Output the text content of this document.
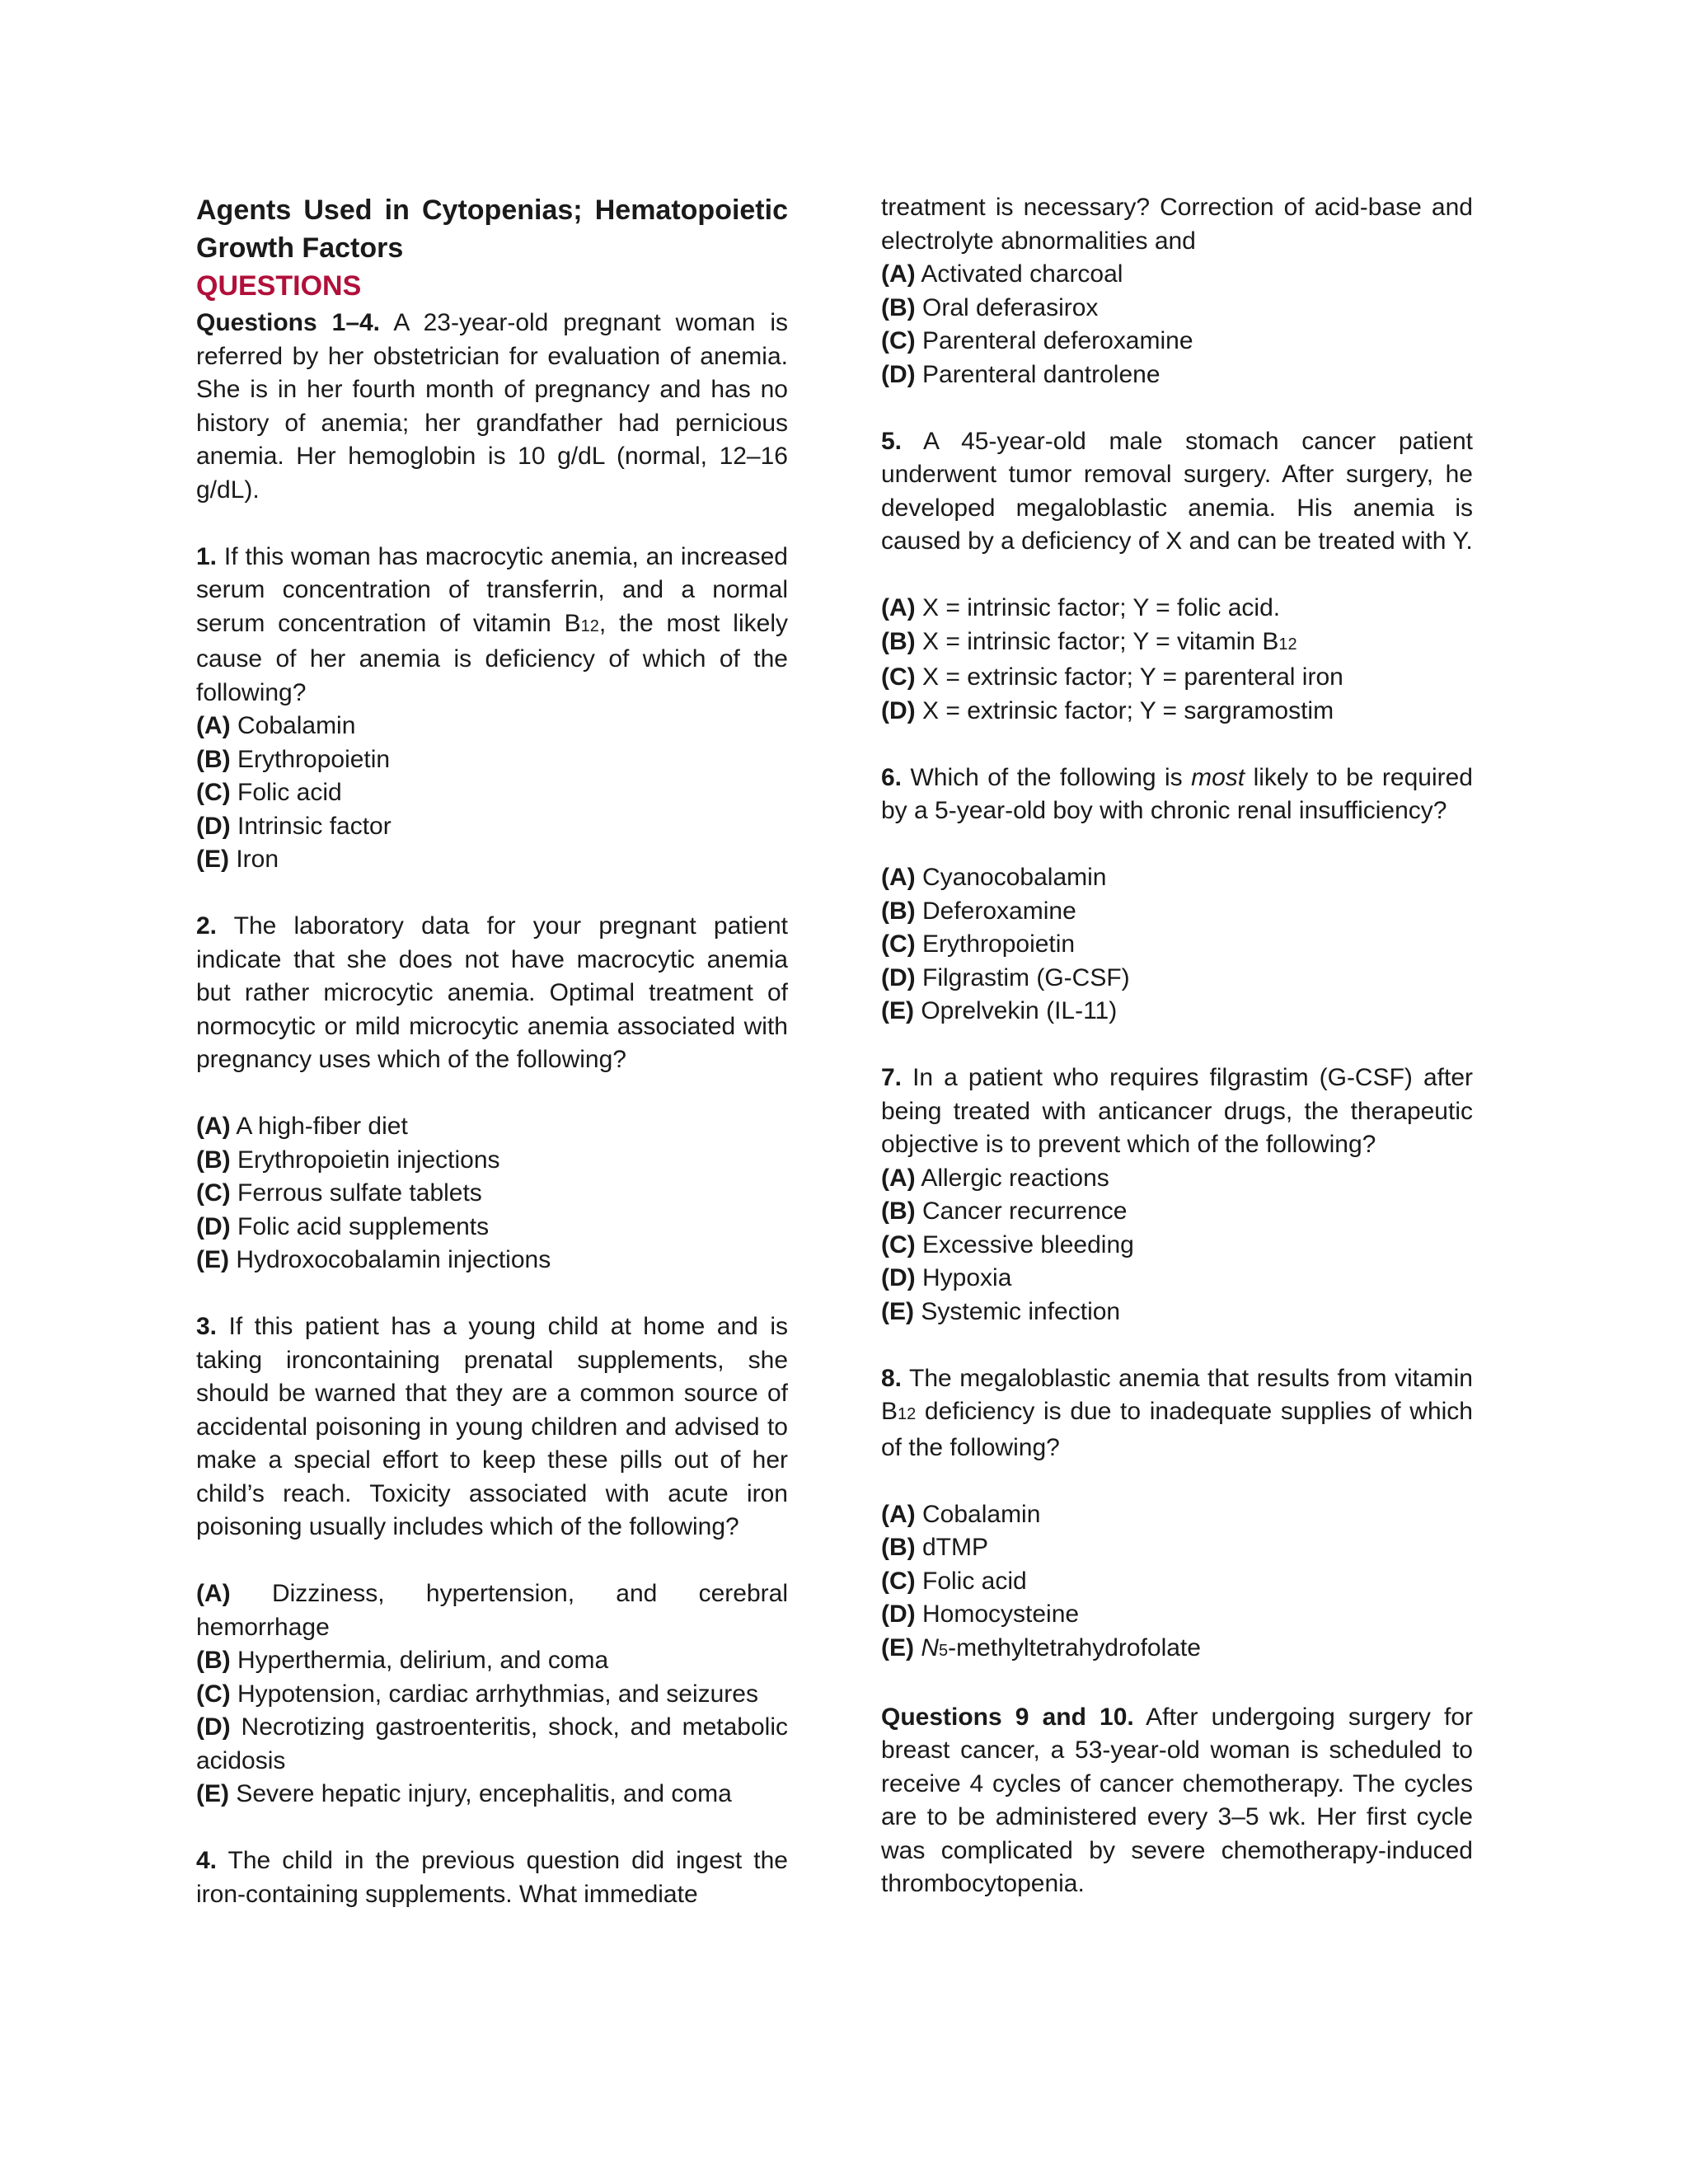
Agents Used in Cytopenias; Hematopoietic Growth Factors
QUESTIONS
Questions 1–4. A 23-year-old pregnant woman is referred by her obstetrician for evaluation of anemia. She is in her fourth month of pregnancy and has no history of anemia; her grandfather had pernicious anemia. Her hemoglobin is 10 g/dL (normal, 12–16 g/dL).
1. If this woman has macrocytic anemia, an increased serum concentration of transferrin, and a normal serum concentration of vitamin B12, the most likely cause of her anemia is deficiency of which of the following?
(A) Cobalamin
(B) Erythropoietin
(C) Folic acid
(D) Intrinsic factor
(E) Iron
2. The laboratory data for your pregnant patient indicate that she does not have macrocytic anemia but rather microcytic anemia. Optimal treatment of normocytic or mild microcytic anemia associated with pregnancy uses which of the following?
(A) A high-fiber diet
(B) Erythropoietin injections
(C) Ferrous sulfate tablets
(D) Folic acid supplements
(E) Hydroxocobalamin injections
3. If this patient has a young child at home and is taking ironcontaining prenatal supplements, she should be warned that they are a common source of accidental poisoning in young children and advised to make a special effort to keep these pills out of her child’s reach. Toxicity associated with acute iron poisoning usually includes which of the following?
(A) Dizziness, hypertension, and cerebral hemorrhage
(B) Hyperthermia, delirium, and coma
(C) Hypotension, cardiac arrhythmias, and seizures
(D) Necrotizing gastroenteritis, shock, and metabolic acidosis
(E) Severe hepatic injury, encephalitis, and coma
4. The child in the previous question did ingest the iron-containing supplements. What immediate
treatment is necessary? Correction of acid-base and electrolyte abnormalities and
(A) Activated charcoal
(B) Oral deferasirox
(C) Parenteral deferoxamine
(D) Parenteral dantrolene
5. A 45-year-old male stomach cancer patient underwent tumor removal surgery. After surgery, he developed megaloblastic anemia. His anemia is caused by a deficiency of X and can be treated with Y.
(A) X = intrinsic factor; Y = folic acid.
(B) X = intrinsic factor; Y = vitamin B12
(C) X = extrinsic factor; Y = parenteral iron
(D) X = extrinsic factor; Y = sargramostim
6. Which of the following is most likely to be required by a 5-year-old boy with chronic renal insufficiency?
(A) Cyanocobalamin
(B) Deferoxamine
(C) Erythropoietin
(D) Filgrastim (G-CSF)
(E) Oprelvekin (IL-11)
7. In a patient who requires filgrastim (G-CSF) after being treated with anticancer drugs, the therapeutic objective is to prevent which of the following?
(A) Allergic reactions
(B) Cancer recurrence
(C) Excessive bleeding
(D) Hypoxia
(E) Systemic infection
8. The megaloblastic anemia that results from vitamin B12 deficiency is due to inadequate supplies of which of the following?
(A) Cobalamin
(B) dTMP
(C) Folic acid
(D) Homocysteine
(E) N5-methyltetrahydrofolate
Questions 9 and 10. After undergoing surgery for breast cancer, a 53-year-old woman is scheduled to receive 4 cycles of cancer chemotherapy. The cycles are to be administered every 3–5 wk. Her first cycle was complicated by severe chemotherapy-induced thrombocytopenia.
